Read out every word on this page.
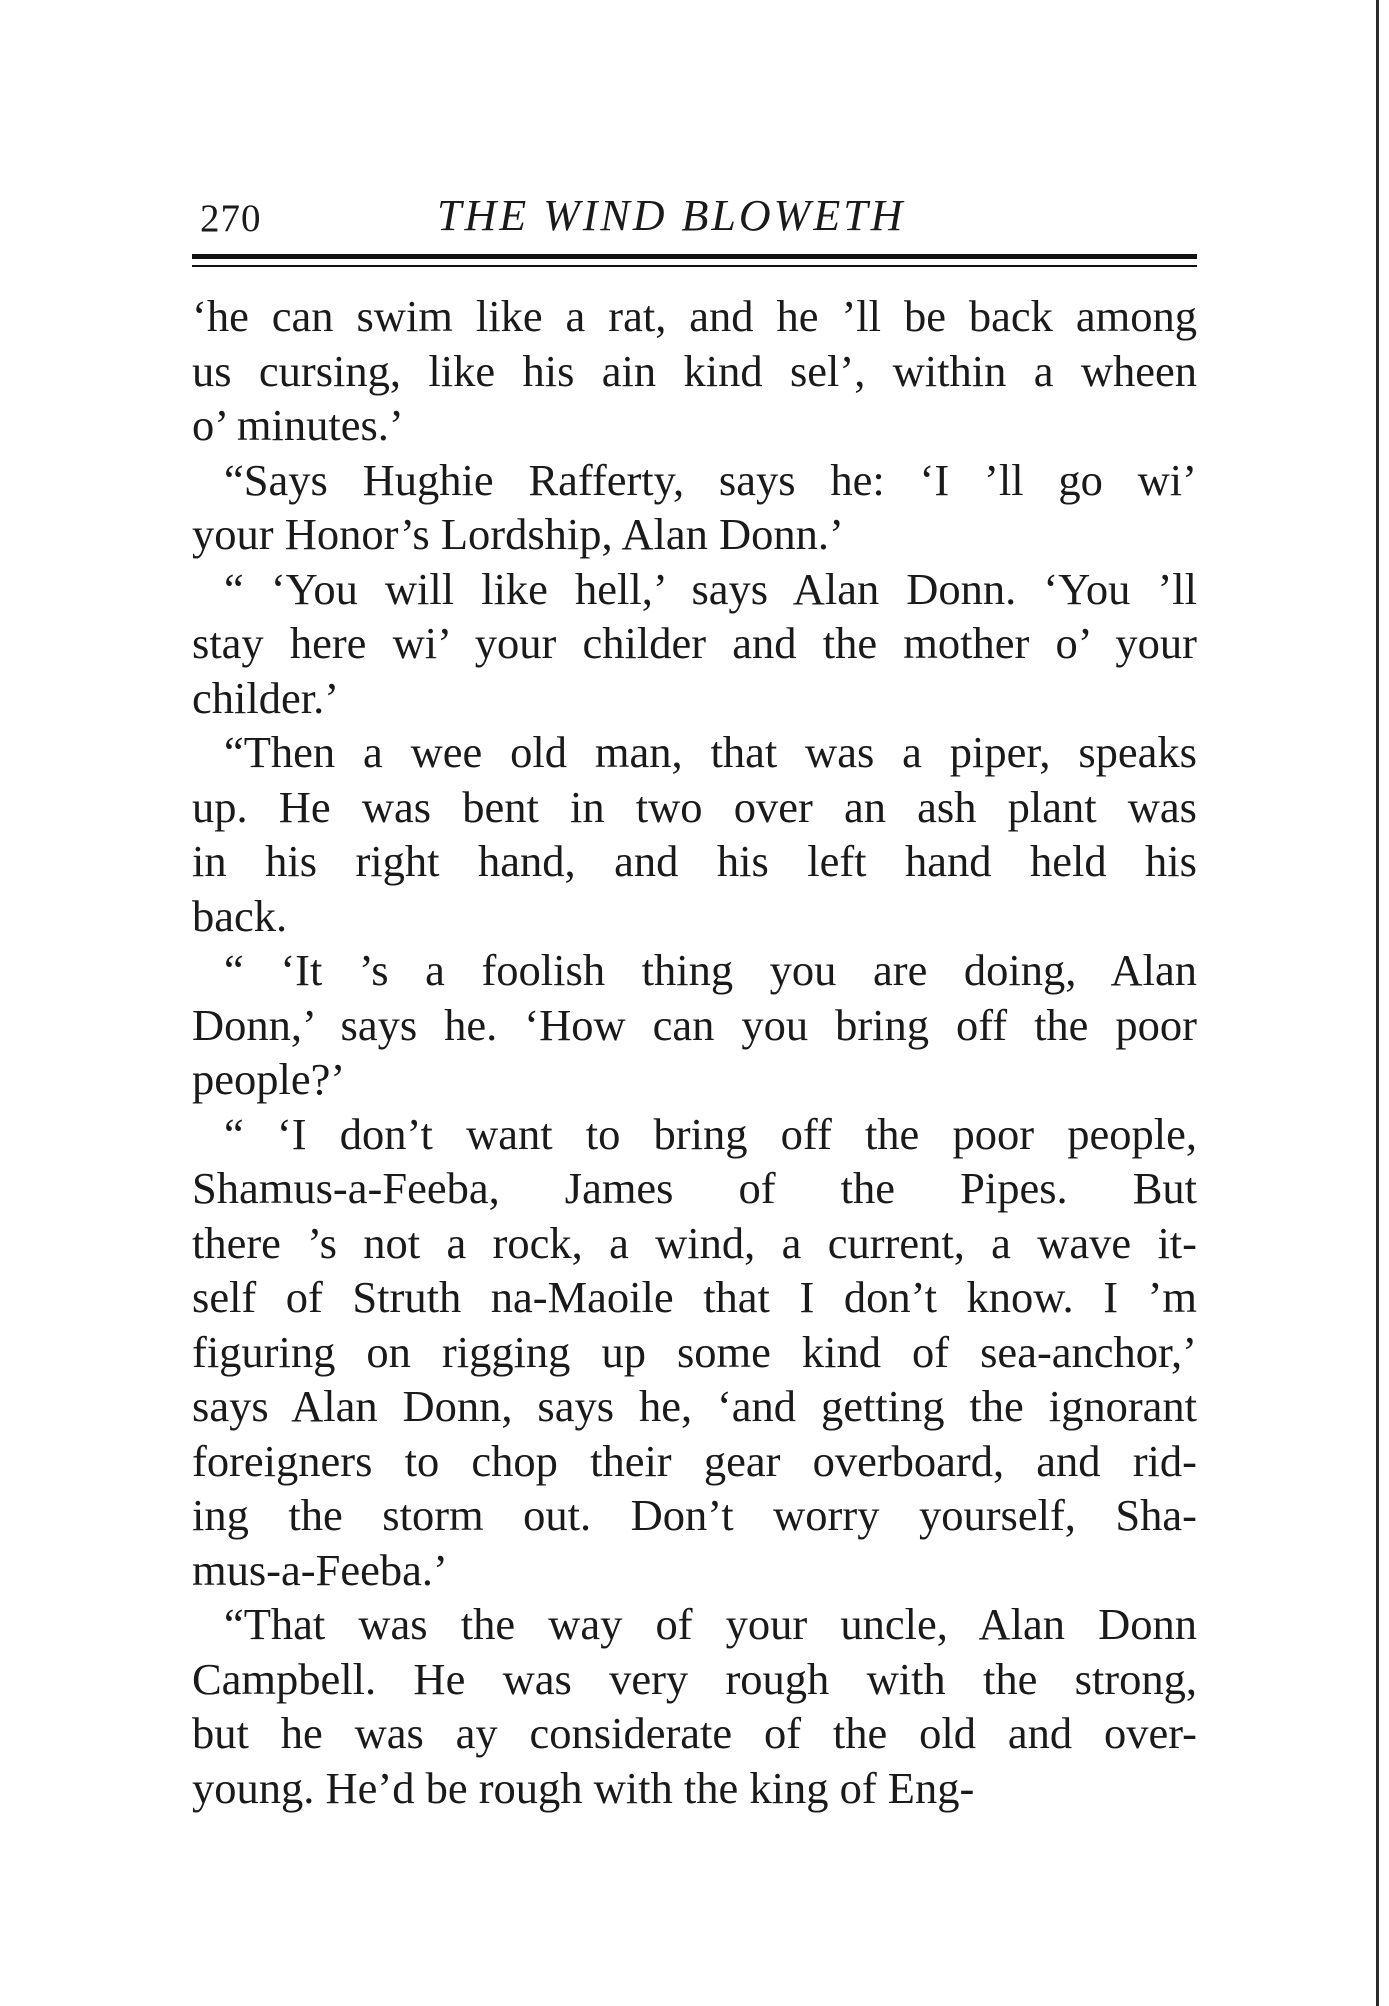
270	THE WIND BLOWETH
‘he can swim like a rat, and he ’ll be back among
us cursing, like his ain kind sel’, within a wheen
o’ minutes.’
“Says Hughie Rafferty, says he: ‘I ’ll go wi’
your Honor’s Lordship, Alan Donn.’
“ ‘You will like hell,’ says Alan Donn. ‘You ’ll
stay here wi’ your childer and the mother o’ your
childer.’
“Then a wee old man, that was a piper, speaks
up. He was bent in two over an ash plant was
in his right hand, and his left hand held his
back.
“ ‘It ’s a foolish thing you are doing, Alan
Donn,’ says he. ‘How can you bring off the poor
people?’
“ ‘I don’t want to bring off the poor people,
Shamus-a-Feeba, James of the Pipes. But
there ’s not a rock, a wind, a current, a wave it-
self of Struth na-Maoile that I don’t know. I ’m
figuring on rigging up some kind of sea-anchor,’
says Alan Donn, says he, ‘and getting the ignorant
foreigners to chop their gear overboard, and rid-
ing the storm out. Don’t worry yourself, Sha-
mus-a-Feeba.’
“That was the way of your uncle, Alan Donn
Campbell. He was very rough with the strong,
but he was ay considerate of the old and over-
young. He’d be rough with the king of Eng-
